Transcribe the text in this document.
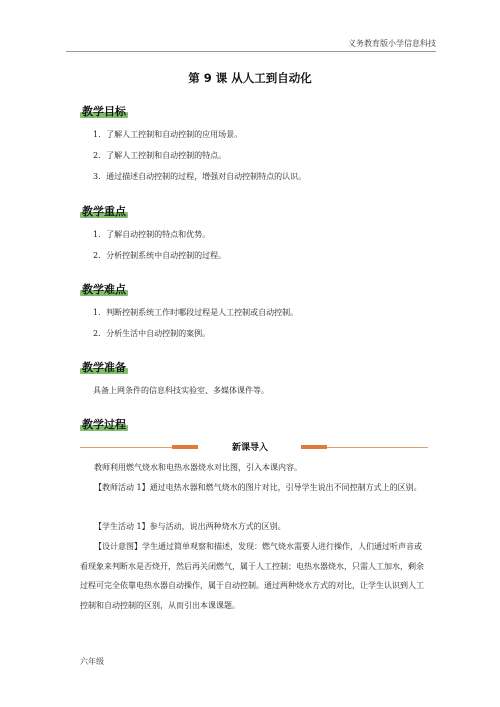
义务教育版小学信息科技
第 9 课 从人工到自动化
教学目标
1．了解人工控制和自动控制的应用场景。
2．了解人工控制和自动控制的特点。
3．通过描述自动控制的过程，增强对自动控制特点的认识。
教学重点
1．了解自动控制的特点和优势。
2．分析控制系统中自动控制的过程。
教学难点
1．判断控制系统工作时哪段过程是人工控制或自动控制。
2．分析生活中自动控制的案例。
教学准备
具备上网条件的信息科技实验室、多媒体课件等。
教学过程
新课导入
教师利用燃气烧水和电热水器烧水对比图，引入本课内容。
【教师活动 1】通过电热水器和燃气烧水的图片对比，引导学生说出不同控制方式上的区别。
【学生活动 1】参与活动，说出两种烧水方式的区别。
【设计意图】学生通过简单观察和描述，发现：燃气烧水需要人进行操作，人们通过听声音或看现象来判断水是否烧开，然后再关闭燃气，属于人工控制；电热水器烧水，只需人工加水，剩余过程可完全依靠电热水器自动操作，属于自动控制。通过两种烧水方式的对比，让学生认识到人工控制和自动控制的区别，从而引出本课课题。
六年级
